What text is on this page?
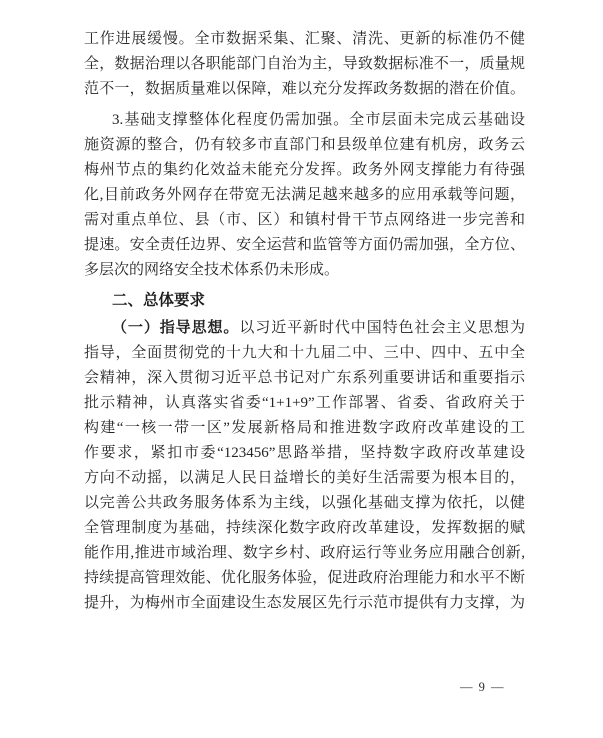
工作进展缓慢。全市数据采集、汇聚、清洗、更新的标准仍不健
全，数据治理以各职能部门自治为主，导致数据标准不一，质量规
范不一，数据质量难以保障，难以充分发挥政务数据的潜在价值。
3.基础支撑整体化程度仍需加强。全市层面未完成云基础设
施资源的整合，仍有较多市直部门和县级单位建有机房，政务云
梅州节点的集约化效益未能充分发挥。政务外网支撑能力有待强
化,目前政务外网存在带宽无法满足越来越多的应用承载等问题，
需对重点单位、县（市、区）和镇村骨干节点网络进一步完善和
提速。安全责任边界、安全运营和监管等方面仍需加强，全方位、
多层次的网络安全技术体系仍未形成。
二、总体要求
（一）指导思想。以习近平新时代中国特色社会主义思想为
指导，全面贯彻党的十九大和十九届二中、三中、四中、五中全
会精神，深入贯彻习近平总书记对广东系列重要讲话和重要指示
批示精神，认真落实省委“1+1+9”工作部署、省委、省政府关于
构建“一核一带一区”发展新格局和推进数字政府改革建设的工
作要求，紧扣市委“123456”思路举措，坚持数字政府改革建设
方向不动摇，以满足人民日益增长的美好生活需要为根本目的，
以完善公共政务服务体系为主线，以强化基础支撑为依托，以健
全管理制度为基础，持续深化数字政府改革建设，发挥数据的赋
能作用,推进市域治理、数字乡村、政府运行等业务应用融合创新,
持续提高管理效能、优化服务体验，促进政府治理能力和水平不断
提升，为梅州市全面建设生态发展区先行示范市提供有力支撑，为
— 9 —
